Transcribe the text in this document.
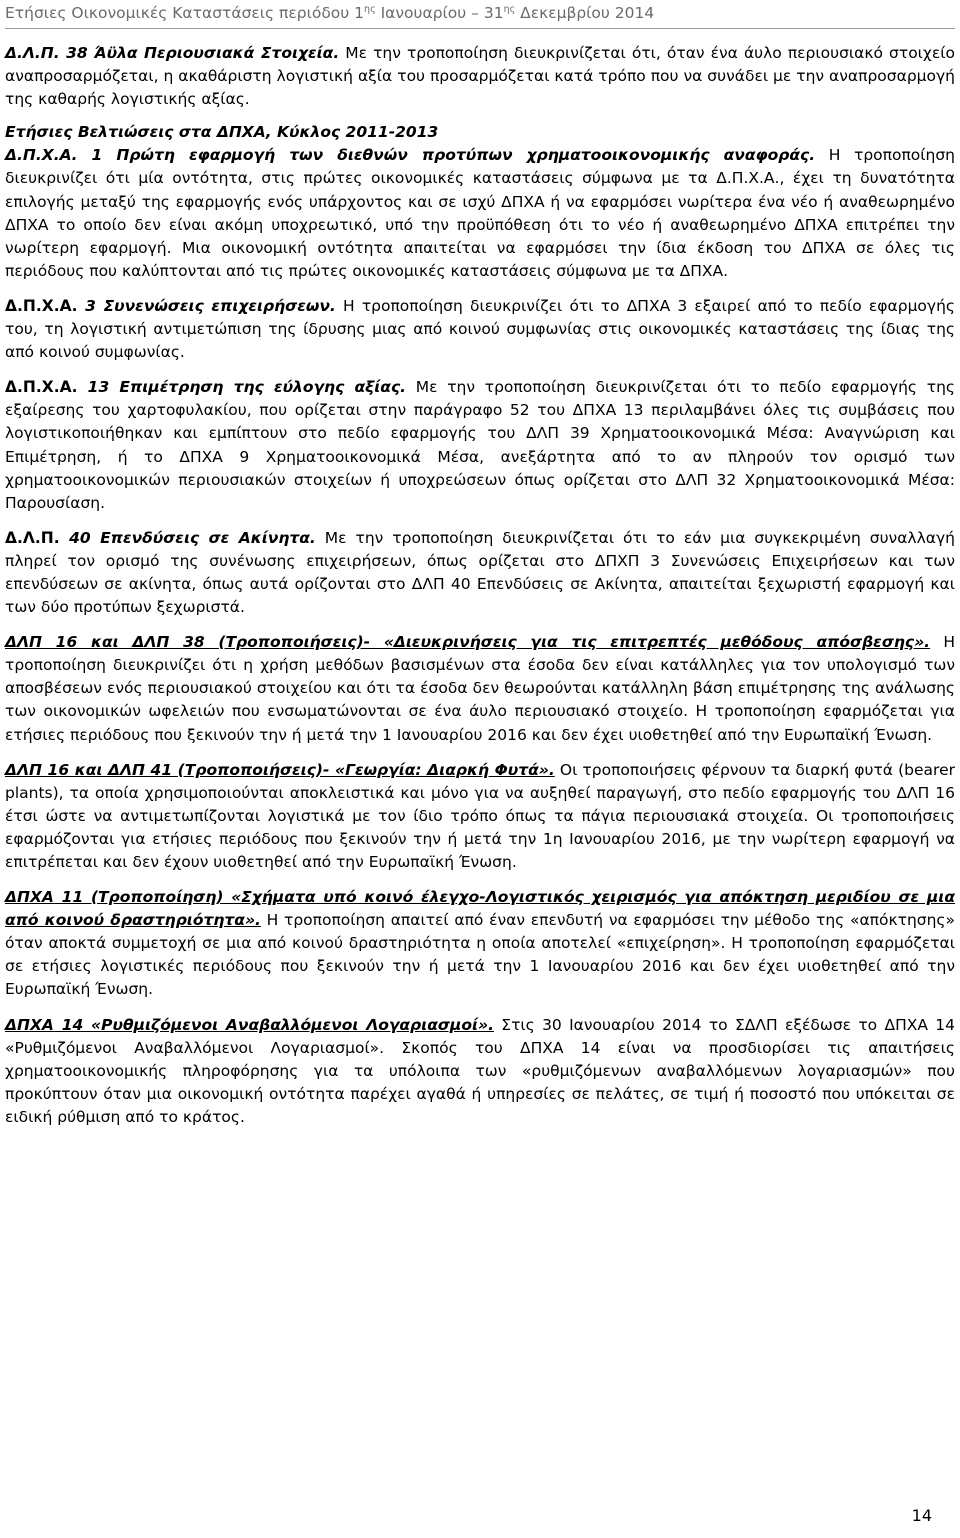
Ετήσιες Οικονομικές Καταστάσεις περιόδου $1^{\eta\varsigma}$ Ιανουαρίου – $31^{\eta\varsigma}$ Δεκεμβρίου 2014

Δ.Λ.Π. 38 Άϋλα Περιουσιακά Στοιχεία. Με την τροποποίηση διευκρινίζεται ότι, όταν ένα άυλο περιουσιακό στοιχείο αναπροσαρμόζεται, η ακαθάριστη λογιστική αξία του προσαρμόζεται κατά τρόπο που να συνάδει με την αναπροσαρμογή της καθαρής λογιστικής αξίας.

Ετήσιες Βελτιώσεις στα ΔΠΧΑ, Κύκλος 2011-2013
Δ.Π.Χ.Α. 1 Πρώτη εφαρμογή των διεθνών προτύπων χρηματοοικονομικής αναφοράς. Η τροποποίηση διευκρινίζει ότι μία οντότητα, στις πρώτες οικονομικές καταστάσεις σύμφωνα με τα Δ.Π.Χ.Α., έχει τη δυνατότητα επιλογής μεταξύ της εφαρμογής ενός υπάρχοντος και σε ισχύ ΔΠΧΑ ή να εφαρμόσει νωρίτερα ένα νέο ή αναθεωρημένο ΔΠΧΑ το οποίο δεν είναι ακόμη υποχρεωτικό, υπό την προϋπόθεση ότι το νέο ή αναθεωρημένο ΔΠΧΑ επιτρέπει την νωρίτερη εφαρμογή. Μια οικονομική οντότητα απαιτείται να εφαρμόσει την ίδια έκδοση του ΔΠΧΑ σε όλες τις περιόδους που καλύπτονται από τις πρώτες οικονομικές καταστάσεις σύμφωνα με τα ΔΠΧΑ.

Δ.Π.Χ.Α. 3 Συνενώσεις επιχειρήσεων. Η τροποποίηση διευκρινίζει ότι το ΔΠΧΑ 3 εξαιρεί από το πεδίο εφαρμογής του, τη λογιστική αντιμετώπιση της ίδρυσης μιας από κοινού συμφωνίας στις οικονομικές καταστάσεις της ίδιας της από κοινού συμφωνίας.

Δ.Π.Χ.Α. 13 Επιμέτρηση της εύλογης αξίας. Με την τροποποίηση διευκρινίζεται ότι το πεδίο εφαρμογής της εξαίρεσης του χαρτοφυλακίου, που ορίζεται στην παράγραφο 52 του ΔΠΧΑ 13 περιλαμβάνει όλες τις συμβάσεις που λογιστικοποιήθηκαν και εμπίπτουν στο πεδίο εφαρμογής του ΔΛΠ 39 Χρηματοοικονομικά Μέσα: Αναγνώριση και Επιμέτρηση, ή το ΔΠΧΑ 9 Χρηματοοικονομικά Μέσα, ανεξάρτητα από το αν πληρούν τον ορισμό των χρηματοοικονομικών περιουσιακών στοιχείων ή υποχρεώσεων όπως ορίζεται στο ΔΛΠ 32 Χρηματοοικονομικά Μέσα: Παρουσίαση.

Δ.Λ.Π. 40 Επενδύσεις σε Ακίνητα. Με την τροποποίηση διευκρινίζεται ότι το εάν μια συγκεκριμένη συναλλαγή πληρεί τον ορισμό της συνένωσης επιχειρήσεων, όπως ορίζεται στο ΔΠΧΠ 3 Συνενώσεις Επιχειρήσεων και των επενδύσεων σε ακίνητα, όπως αυτά ορίζονται στο ΔΛΠ 40 Επενδύσεις σε Ακίνητα, απαιτείται ξεχωριστή εφαρμογή και των δύο προτύπων ξεχωριστά.

ΔΛΠ 16 και ΔΛΠ 38 (Τροποποιήσεις)- «Διευκρινήσεις για τις επιτρεπτές μεθόδους απόσβεσης». Η τροποποίηση διευκρινίζει ότι η χρήση μεθόδων βασισμένων στα έσοδα δεν είναι κατάλληλες για τον υπολογισμό των αποσβέσεων ενός περιουσιακού στοιχείου και ότι τα έσοδα δεν θεωρούνται κατάλληλη βάση επιμέτρησης της ανάλωσης των οικονομικών ωφελειών που ενσωματώνονται σε ένα άυλο περιουσιακό στοιχείο. Η τροποποίηση εφαρμόζεται για ετήσιες περιόδους που ξεκινούν την ή μετά την 1 Ιανουαρίου 2016 και δεν έχει υιοθετηθεί από την Ευρωπαϊκή Ένωση.

ΔΛΠ 16 και ΔΛΠ 41 (Τροποποιήσεις)- «Γεωργία: Διαρκή Φυτά». Οι τροποποιήσεις φέρνουν τα διαρκή φυτά (bearer plants), τα οποία χρησιμοποιούνται αποκλειστικά και μόνο για να αυξηθεί παραγωγή, στο πεδίο εφαρμογής του ΔΛΠ 16 έτσι ώστε να αντιμετωπίζονται λογιστικά με τον ίδιο τρόπο όπως τα πάγια περιουσιακά στοιχεία. Οι τροποποιήσεις εφαρμόζονται για ετήσιες περιόδους που ξεκινούν την ή μετά την 1η Ιανουαρίου 2016, με την νωρίτερη εφαρμογή να επιτρέπεται και δεν έχουν υιοθετηθεί από την Ευρωπαϊκή Ένωση.

ΔΠΧΑ 11 (Τροποποίηση) «Σχήματα υπό κοινό έλεγχο-Λογιστικός χειρισμός για απόκτηση μεριδίου σε μια από κοινού δραστηριότητα». Η τροποποίηση απαιτεί από έναν επενδυτή να εφαρμόσει την μέθοδο της «απόκτησης» όταν αποκτά συμμετοχή σε μια από κοινού δραστηριότητα η οποία αποτελεί «επιχείρηση». Η τροποποίηση εφαρμόζεται σε ετήσιες λογιστικές περιόδους που ξεκινούν την ή μετά την 1 Ιανουαρίου 2016 και δεν έχει υιοθετηθεί από την Ευρωπαϊκή Ένωση.

ΔΠΧΑ 14 «Ρυθμιζόμενοι Αναβαλλόμενοι Λογαριασμοί». Στις 30 Ιανουαρίου 2014 το ΣΔΛΠ εξέδωσε το ΔΠΧΑ 14 «Ρυθμιζόμενοι Αναβαλλόμενοι Λογαριασμοί». Σκοπός του ΔΠΧΑ 14 είναι να προσδιορίσει τις απαιτήσεις χρηματοοικονομικής πληροφόρησης για τα υπόλοιπα των «ρυθμιζόμενων αναβαλλόμενων λογαριασμών» που προκύπτουν όταν μια οικονομική οντότητα παρέχει αγαθά ή υπηρεσίες σε πελάτες, σε τιμή ή ποσοστό που υπόκειται σε ειδική ρύθμιση από το κράτος.

14
